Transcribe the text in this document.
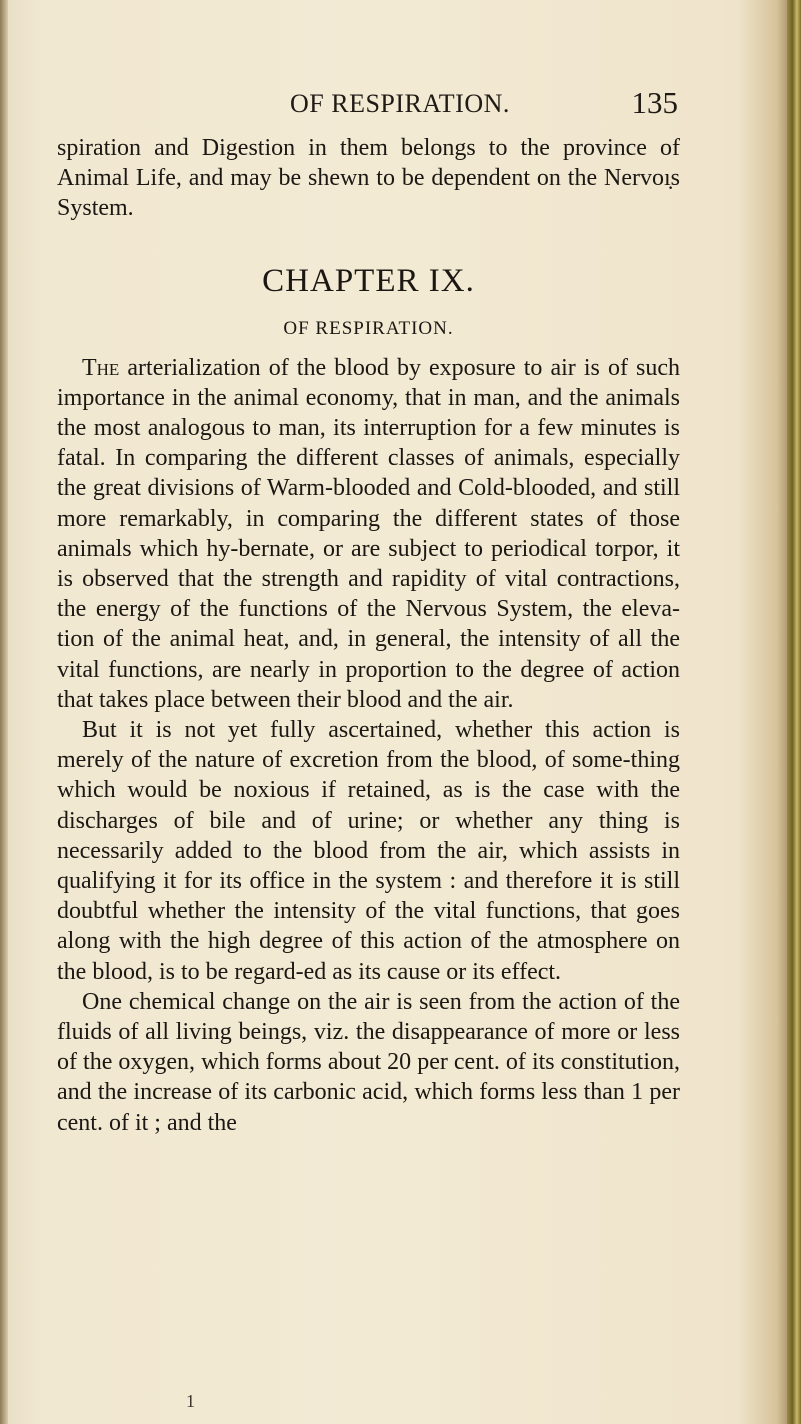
OF RESPIRATION.	135

spiration and Digestion in them belongs to the province of Animal Life, and may be shewn to be dependent on the Nervoı̣s System.

CHAPTER IX.
OF RESPIRATION.

The arterialization of the blood by exposure to air is of such importance in the animal economy, that in man, and the animals the most analogous to man, its interruption for a few minutes is fatal. In comparing the different classes of animals, especially the great divisions of Warm-blooded and Cold-blooded, and still more remarkably, in comparing the different states of those animals which hy-bernate, or are subject to periodical torpor, it is observed that the strength and rapidity of vital contractions, the energy of the functions of the Nervous System, the eleva-tion of the animal heat, and, in general, the intensity of all the vital functions, are nearly in proportion to the degree of action that takes place between their blood and the air.

But it is not yet fully ascertained, whether this action is merely of the nature of excretion from the blood, of some-thing which would be noxious if retained, as is the case with the discharges of bile and of urine; or whether any thing is necessarily added to the blood from the air, which assists in qualifying it for its office in the system : and therefore it is still doubtful whether the intensity of the vital functions, that goes along with the high degree of this action of the atmosphere on the blood, is to be regard-ed as its cause or its effect.

One chemical change on the air is seen from the action of the fluids of all living beings, viz. the disappearance of more or less of the oxygen, which forms about 20 per cent. of its constitution, and the increase of its carbonic acid, which forms less than 1 per cent. of it ; and the

1
